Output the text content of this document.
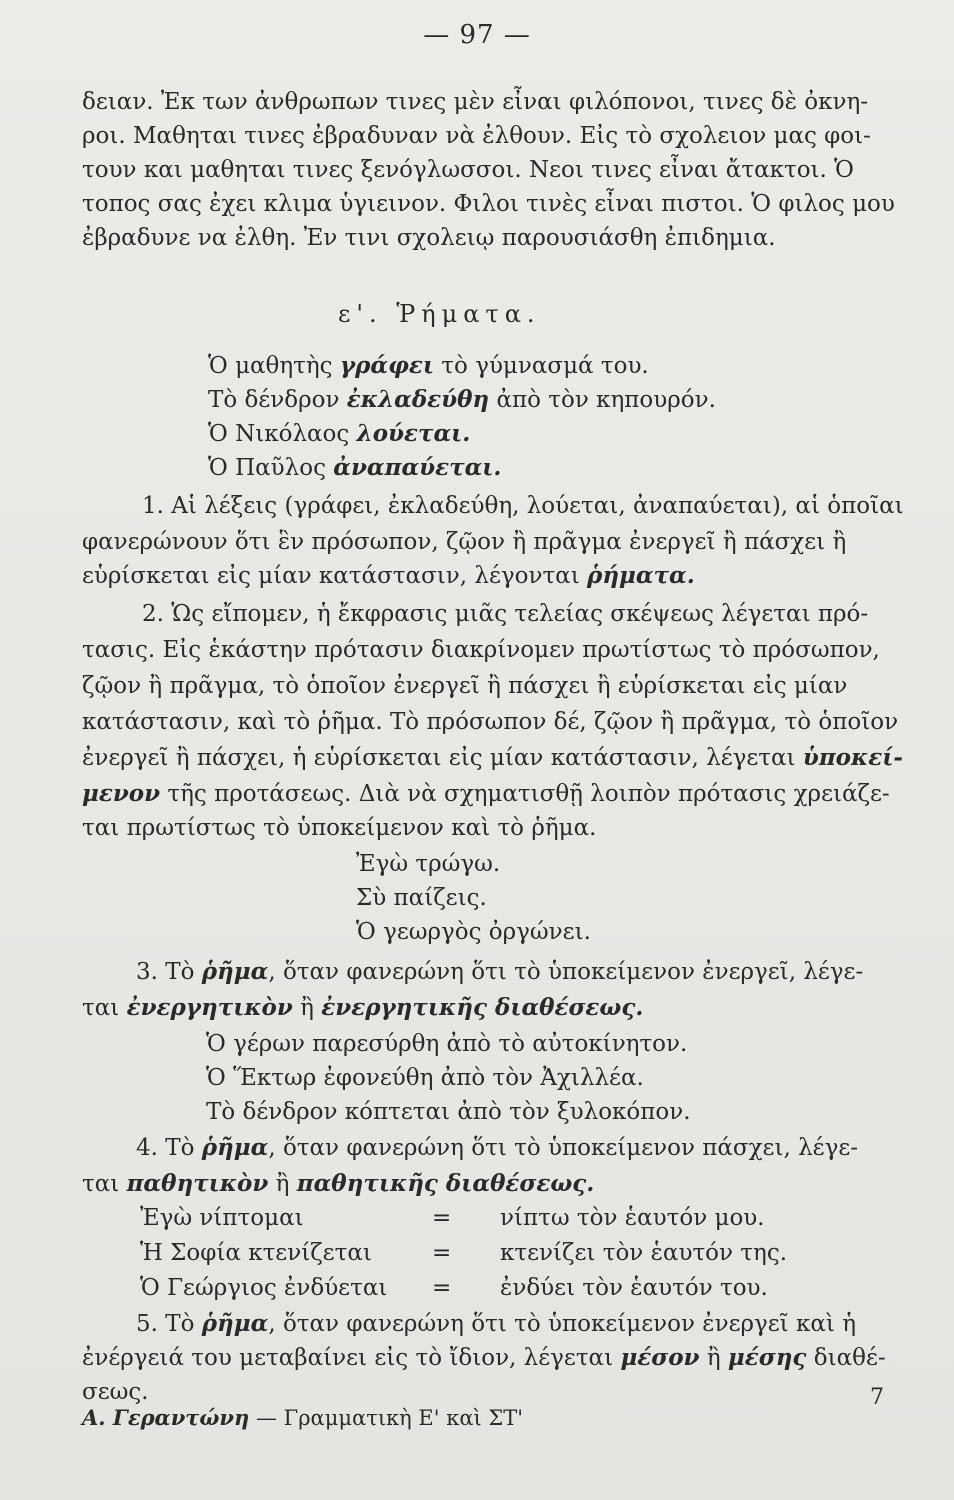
— 97 —
δειαν. Ἐκ των ἀνθρωπων τινες μὲν εἶναι φιλόπονοι, τινες δὲ ὀκνη-
ροι. Μαθηται τινες ἐβραδυναν νὰ ἐλθουν. Εἰς τὸ σχολειον μας φοι-
τουν και μαθηται τινες ξενόγλωσσοι. Νεοι τινες εἶναι ἄτακτοι. Ὁ
τοπος σας ἐχει κλιμα ὑγιεινον. Φιλοι τινὲς εἶναι πιστοι. Ὁ φιλος μου
ἐβραδυνε να ἐλθη. Ἐν τινι σχολειῳ παρουσιάσθη ἐπιδημια.
ε'. Ῥήματα.
Ὁ μαθητὴς γράφει τὸ γύμνασμά του.
Τὸ δένδρον ἐκλαδεύθη ἀπὸ τὸν κηπουρόν.
Ὁ Νικόλαος λούεται.
Ὁ Παῦλος ἀναπαύεται.
1. Αἱ λέξεις (γράφει, ἐκλαδεύθη, λούεται, ἀναπαύεται), αἱ ὁποῖαι
φανερώνουν ὅτι ἓν πρόσωπον, ζῷον ἢ πρᾶγμα ἐνεργεῖ ἢ πάσχει ἢ
εὑρίσκεται εἰς μίαν κατάστασιν, λέγονται ῥήματα.
2. Ὡς εἴπομεν, ἡ ἔκφρασις μιᾶς τελείας σκέψεως λέγεται πρό-
τασις. Εἰς ἑκάστην πρότασιν διακρίνομεν πρωτίστως τὸ πρόσωπον,
ζῷον ἢ πρᾶγμα, τὸ ὁποῖον ἐνεργεῖ ἢ πάσχει ἢ εὑρίσκεται εἰς μίαν
κατάστασιν, καὶ τὸ ῥῆμα. Τὸ πρόσωπον δέ, ζῷον ἢ πρᾶγμα, τὸ ὁποῖον
ἐνεργεῖ ἢ πάσχει, ἡ εὑρίσκεται εἰς μίαν κατάστασιν, λέγεται ὑποκεί-
μενον τῆς προτάσεως. Διὰ νὰ σχηματισθῇ λοιπὸν πρότασις χρειάζε-
ται πρωτίστως τὸ ὑποκείμενον καὶ τὸ ῥῆμα.
Ἐγὼ τρώγω.
Σὺ παίζεις.
Ὁ γεωργὸς ὀργώνει.
3. Τὸ ῥῆμα, ὅταν φανερώνη ὅτι τὸ ὑποκείμενον ἐνεργεῖ, λέγε-
ται ἐνεργητικὸν ἢ ἐνεργητικῆς διαθέσεως.
Ὁ γέρων παρεσύρθη ἀπὸ τὸ αὐτοκίνητον.
Ὁ Ἕκτωρ ἐφονεύθη ἀπὸ τὸν Ἀχιλλέα.
Τὸ δένδρον κόπτεται ἀπὸ τὸν ξυλοκόπον.
4. Τὸ ῥῆμα, ὅταν φανερώνη ὅτι τὸ ὑποκείμενον πάσχει, λέγε-
ται παθητικὸν ἢ παθητικῆς διαθέσεως.
Ἐγὼ νίπτομαι	= νίπτω τὸν ἑαυτόν μου.
Ἡ Σοφία κτενίζεται	= κτενίζει τὸν ἑαυτόν της.
Ὁ Γεώργιος ἐνδύεται = ἐνδύει τὸν ἑαυτόν του.
5. Τὸ ῥῆμα, ὅταν φανερώνη ὅτι τὸ ὑποκείμενον ἐνεργεῖ καὶ ἡ
ἐνέργειά του μεταβαίνει εἰς τὸ ἴδιον, λέγεται μέσον ἢ μέσης διαθέ-
σεως.
Α. Γεραντώνη — Γραμματικὴ Ε' καὶ ΣΤ'
7
